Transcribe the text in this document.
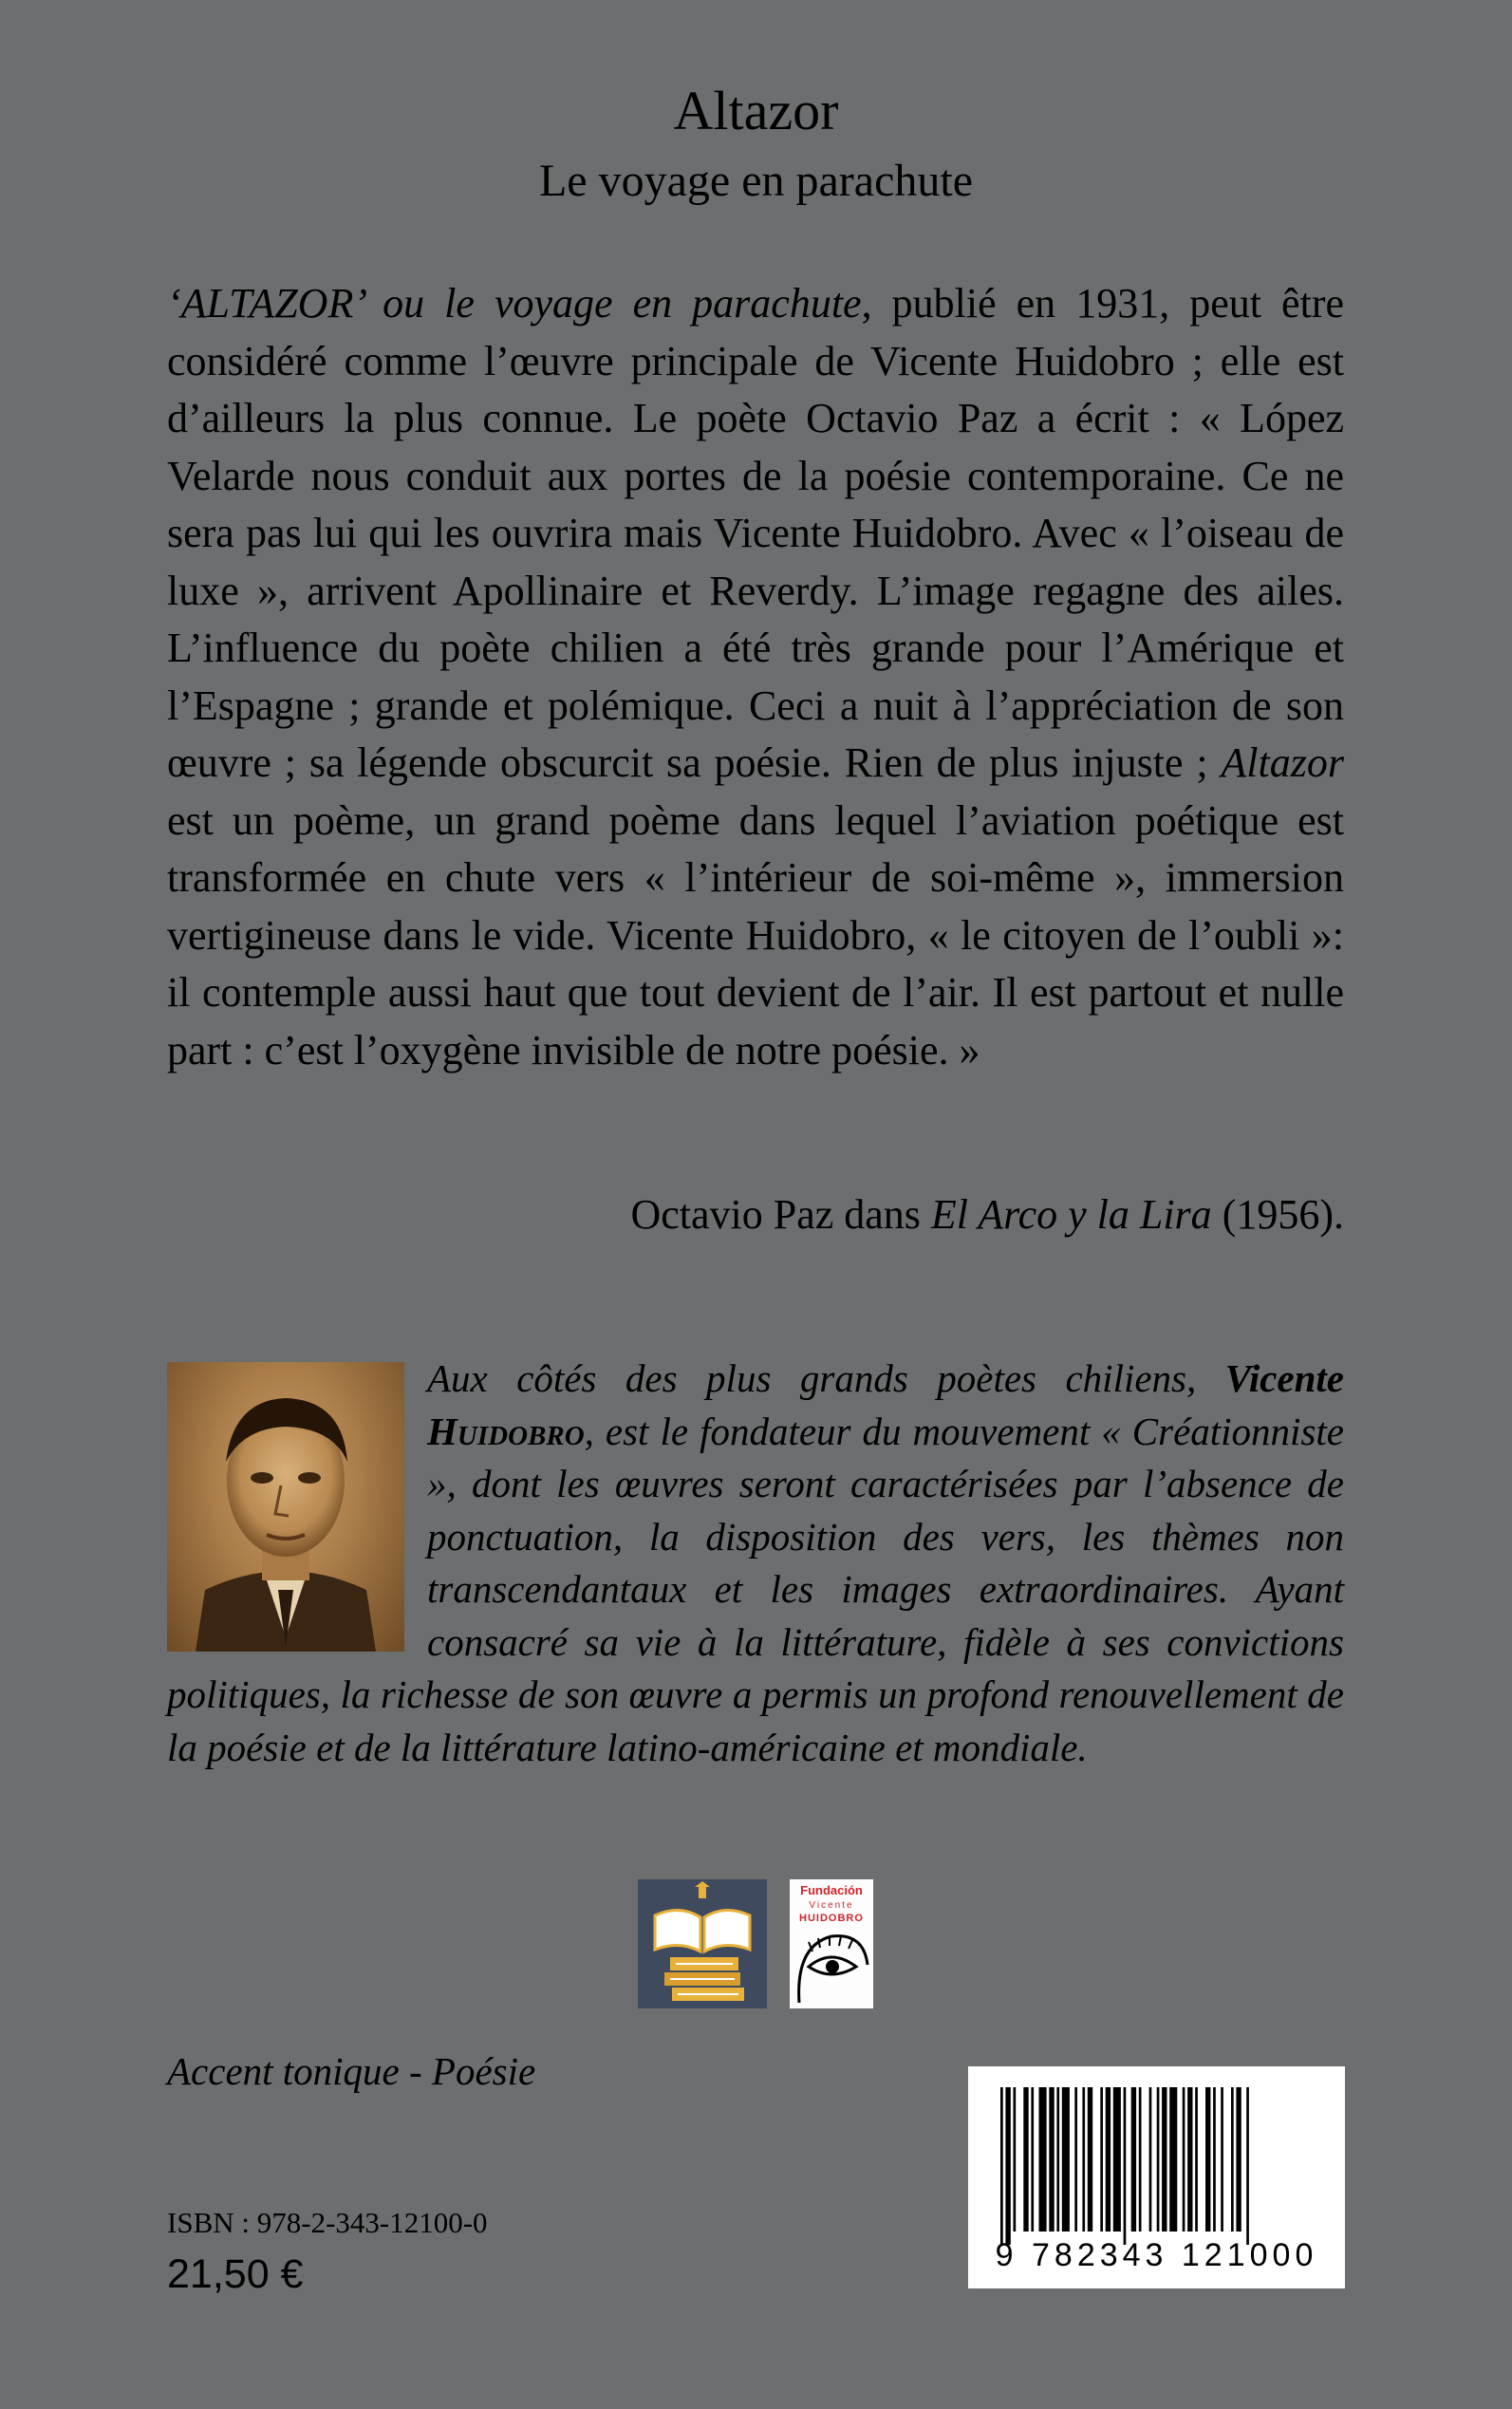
Altazor
Le voyage en parachute

‘ALTAZOR’ ou le voyage en parachute, publié en 1931, peut être considéré comme l’œuvre principale de Vicente Huidobro ; elle est d’ailleurs la plus connue. Le poète Octavio Paz a écrit : « López Velarde nous conduit aux portes de la poésie contemporaine. Ce ne sera pas lui qui les ouvrira mais Vicente Huidobro. Avec « l’oiseau de luxe », arrivent Apollinaire et Reverdy. L’image regagne des ailes. L’influence du poète chilien a été très grande pour l’Amérique et l’Espagne ; grande et polémique. Ceci a nuit à l’appréciation de son œuvre ; sa légende obscurcit sa poésie. Rien de plus injuste ; Altazor est un poème, un grand poème dans lequel l’aviation poétique est transformée en chute vers « l’intérieur de soi-même », immersion vertigineuse dans le vide. Vicente Huidobro, « le citoyen de l’oubli »: il contemple aussi haut que tout devient de l’air. Il est partout et nulle part : c’est l’oxygène invisible de notre poésie. »

Octavio Paz dans El Arco y la Lira (1956).

Aux côtés des plus grands poètes chiliens, Vicente Huidobro, est le fondateur du mouvement « Créationniste », dont les œuvres seront caractérisées par l’absence de ponctuation, la disposition des vers, les thèmes non transcendantaux et les images extraordinaires. Ayant consacré sa vie à la littérature, fidèle à ses convictions politiques, la richesse de son œuvre a permis un profond renouvellement de la poésie et de la littérature latino-américaine et mondiale.

Fundación
Vicente
HUIDOBRO
Accent tonique - Poésie
ISBN : 978-2-343-12100-0
21,50 €	9 782343 121000
